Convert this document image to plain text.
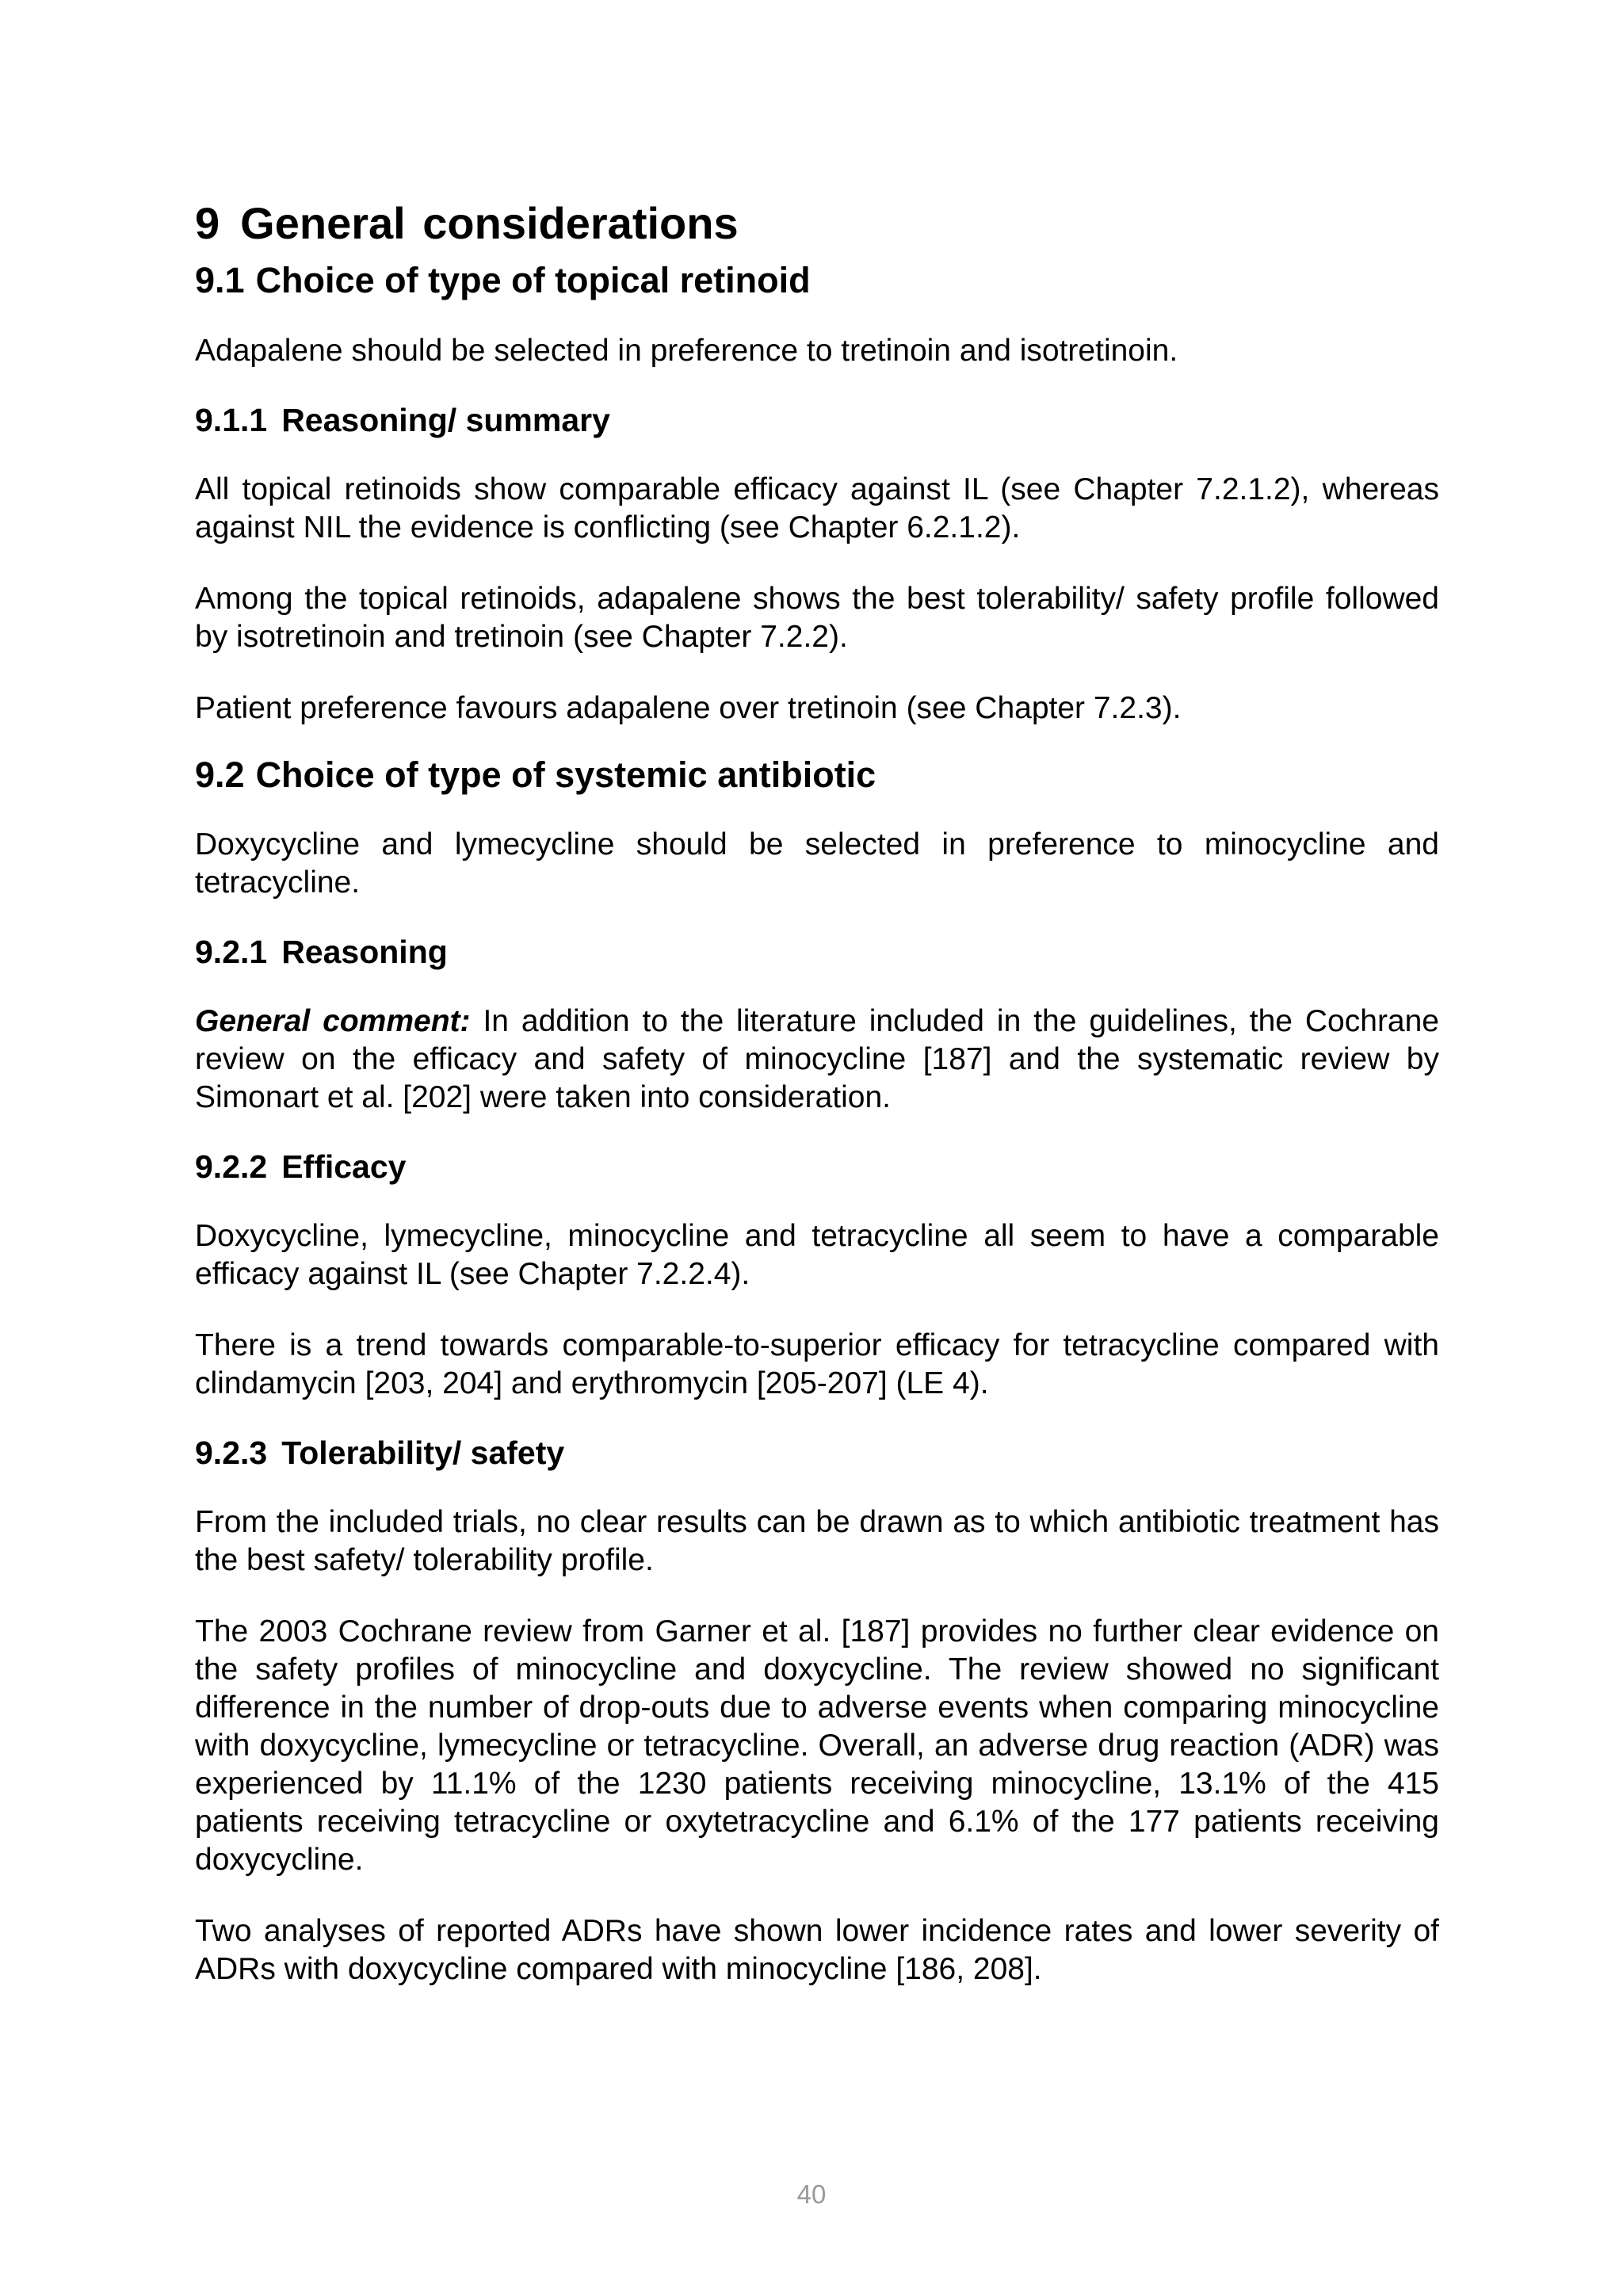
9 General considerations
9.1 Choice of type of topical retinoid

Adapalene should be selected in preference to tretinoin and isotretinoin.

9.1.1 Reasoning/ summary

All topical retinoids show comparable efficacy against IL (see Chapter 7.2.1.2), whereas against NIL the evidence is conflicting (see Chapter 6.2.1.2).

Among the topical retinoids, adapalene shows the best tolerability/ safety profile followed by isotretinoin and tretinoin (see Chapter 7.2.2).

Patient preference favours adapalene over tretinoin (see Chapter 7.2.3).

9.2 Choice of type of systemic antibiotic

Doxycycline and lymecycline should be selected in preference to minocycline and tetracycline.

9.2.1 Reasoning

General comment: In addition to the literature included in the guidelines, the Cochrane review on the efficacy and safety of minocycline [187] and the systematic review by Simonart et al. [202] were taken into consideration.

9.2.2 Efficacy

Doxycycline, lymecycline, minocycline and tetracycline all seem to have a comparable efficacy against IL (see Chapter 7.2.2.4).

There is a trend towards comparable-to-superior efficacy for tetracycline compared with clindamycin [203, 204] and erythromycin [205-207] (LE 4).

9.2.3 Tolerability/ safety

From the included trials, no clear results can be drawn as to which antibiotic treatment has the best safety/ tolerability profile.

The 2003 Cochrane review from Garner et al. [187] provides no further clear evidence on the safety profiles of minocycline and doxycycline. The review showed no significant difference in the number of drop-outs due to adverse events when comparing minocycline with doxycycline, lymecycline or tetracycline. Overall, an adverse drug reaction (ADR) was experienced by 11.1% of the 1230 patients receiving minocycline, 13.1% of the 415 patients receiving tetracycline or oxytetracycline and 6.1% of the 177 patients receiving doxycycline.

Two analyses of reported ADRs have shown lower incidence rates and lower severity of ADRs with doxycycline compared with minocycline [186, 208].

40
